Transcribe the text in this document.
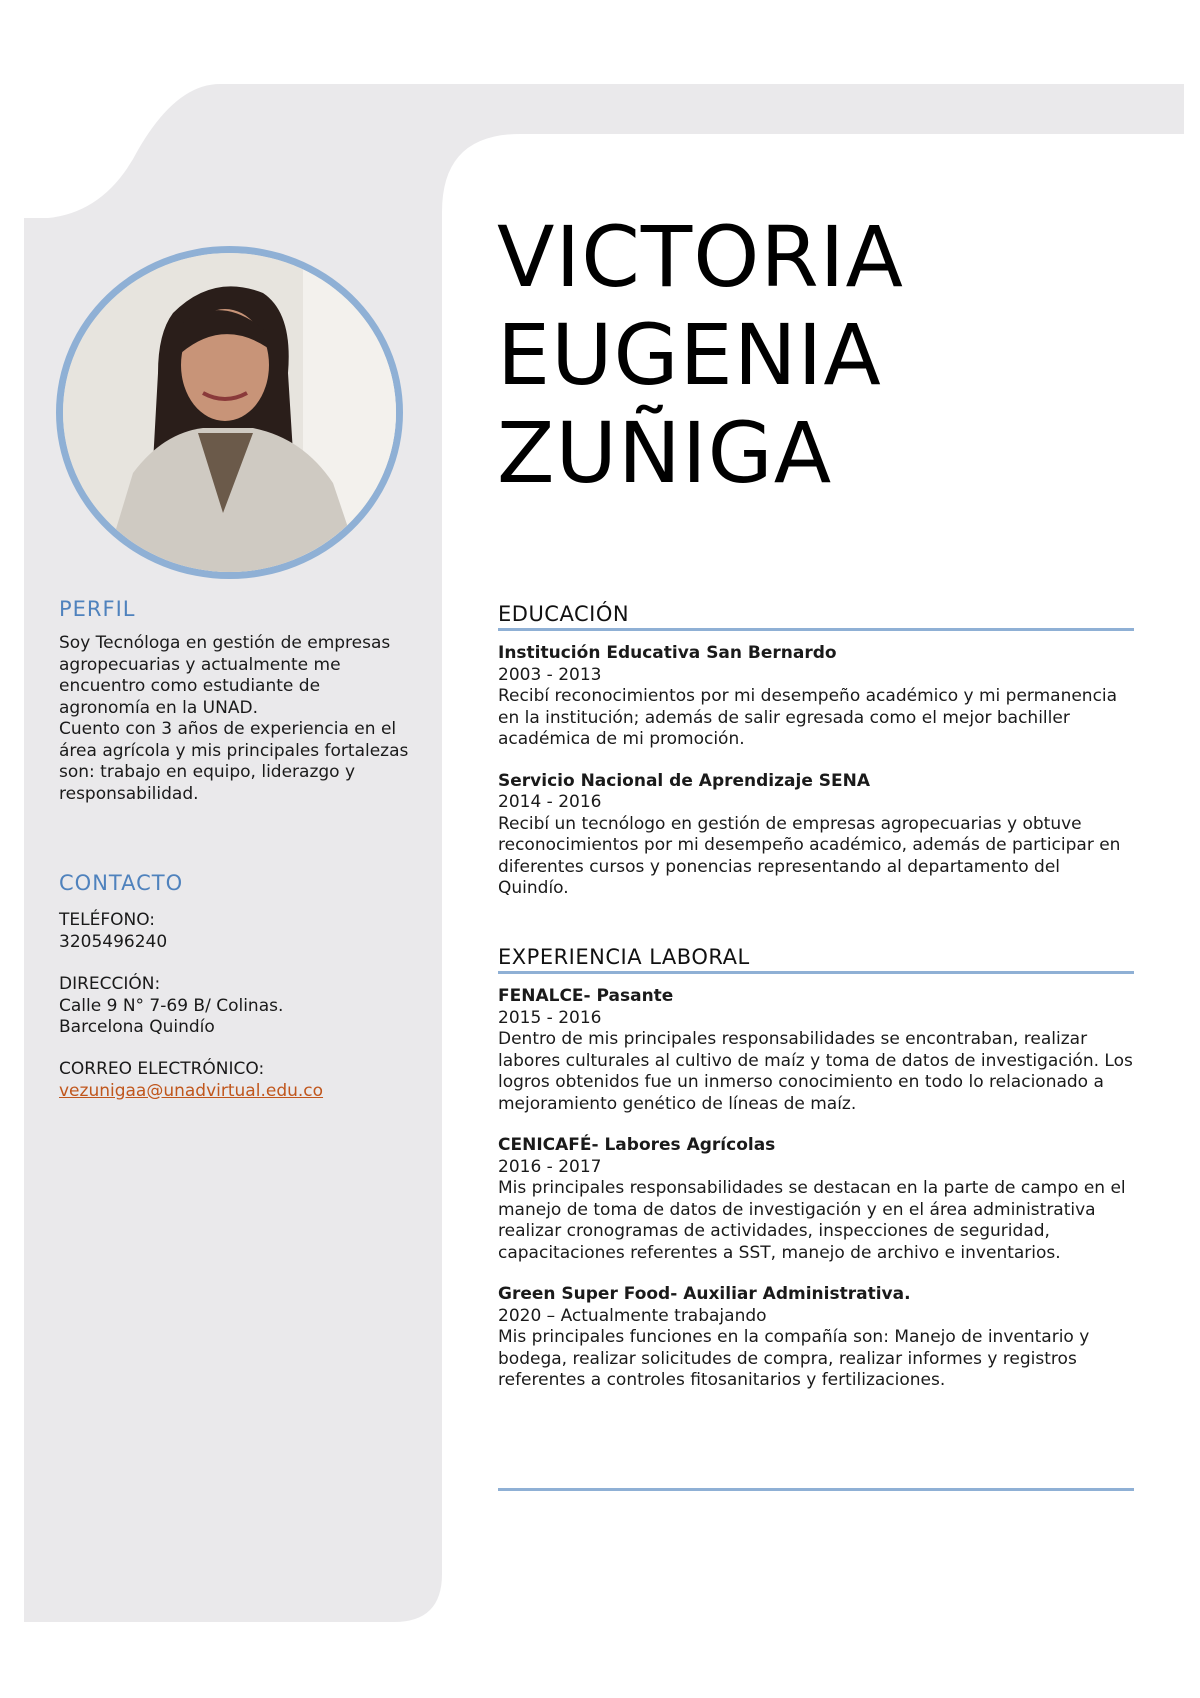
PERFIL

Soy Tecnóloga en gestión de empresas agropecuarias y actualmente me encuentro como estudiante de agronomía en la UNAD.

Cuento con 3 años de experiencia en el área agrícola y mis principales fortalezas son: trabajo en equipo, liderazgo y responsabilidad.

CONTACTO
TELÉFONO:
3205496240
DIRECCIÓN:
Calle 9 N° 7-69 B/ Colinas.
Barcelona Quindío
CORREO ELECTRÓNICO:
vezunigaa@unadvirtual.edu.co
VICTORIA
EUGENIA
ZUÑIGA
EDUCACIÓN
Institución Educativa San Bernardo
2003 - 2013
Recibí reconocimientos por mi desempeño académico y mi permanencia en la institución; además de salir egresada como el mejor bachiller académica de mi promoción.
Servicio Nacional de Aprendizaje SENA
2014 - 2016
Recibí un tecnólogo en gestión de empresas agropecuarias y obtuve reconocimientos por mi desempeño académico, además de participar en diferentes cursos y ponencias representando al departamento del Quindío.
EXPERIENCIA LABORAL
FENALCE- Pasante
2015 - 2016
Dentro de mis principales responsabilidades se encontraban, realizar labores culturales al cultivo de maíz y toma de datos de investigación. Los logros obtenidos fue un inmerso conocimiento en todo lo relacionado a mejoramiento genético de líneas de maíz.
CENICAFÉ- Labores Agrícolas
2016 - 2017
Mis principales responsabilidades se destacan en la parte de campo en el manejo de toma de datos de investigación y en el área administrativa realizar cronogramas de actividades, inspecciones de seguridad, capacitaciones referentes a SST, manejo de archivo e inventarios.
Green Super Food- Auxiliar Administrativa.
2020 – Actualmente trabajando
Mis principales funciones en la compañía son: Manejo de inventario y bodega, realizar solicitudes de compra, realizar informes y registros referentes a controles fitosanitarios y fertilizaciones.
